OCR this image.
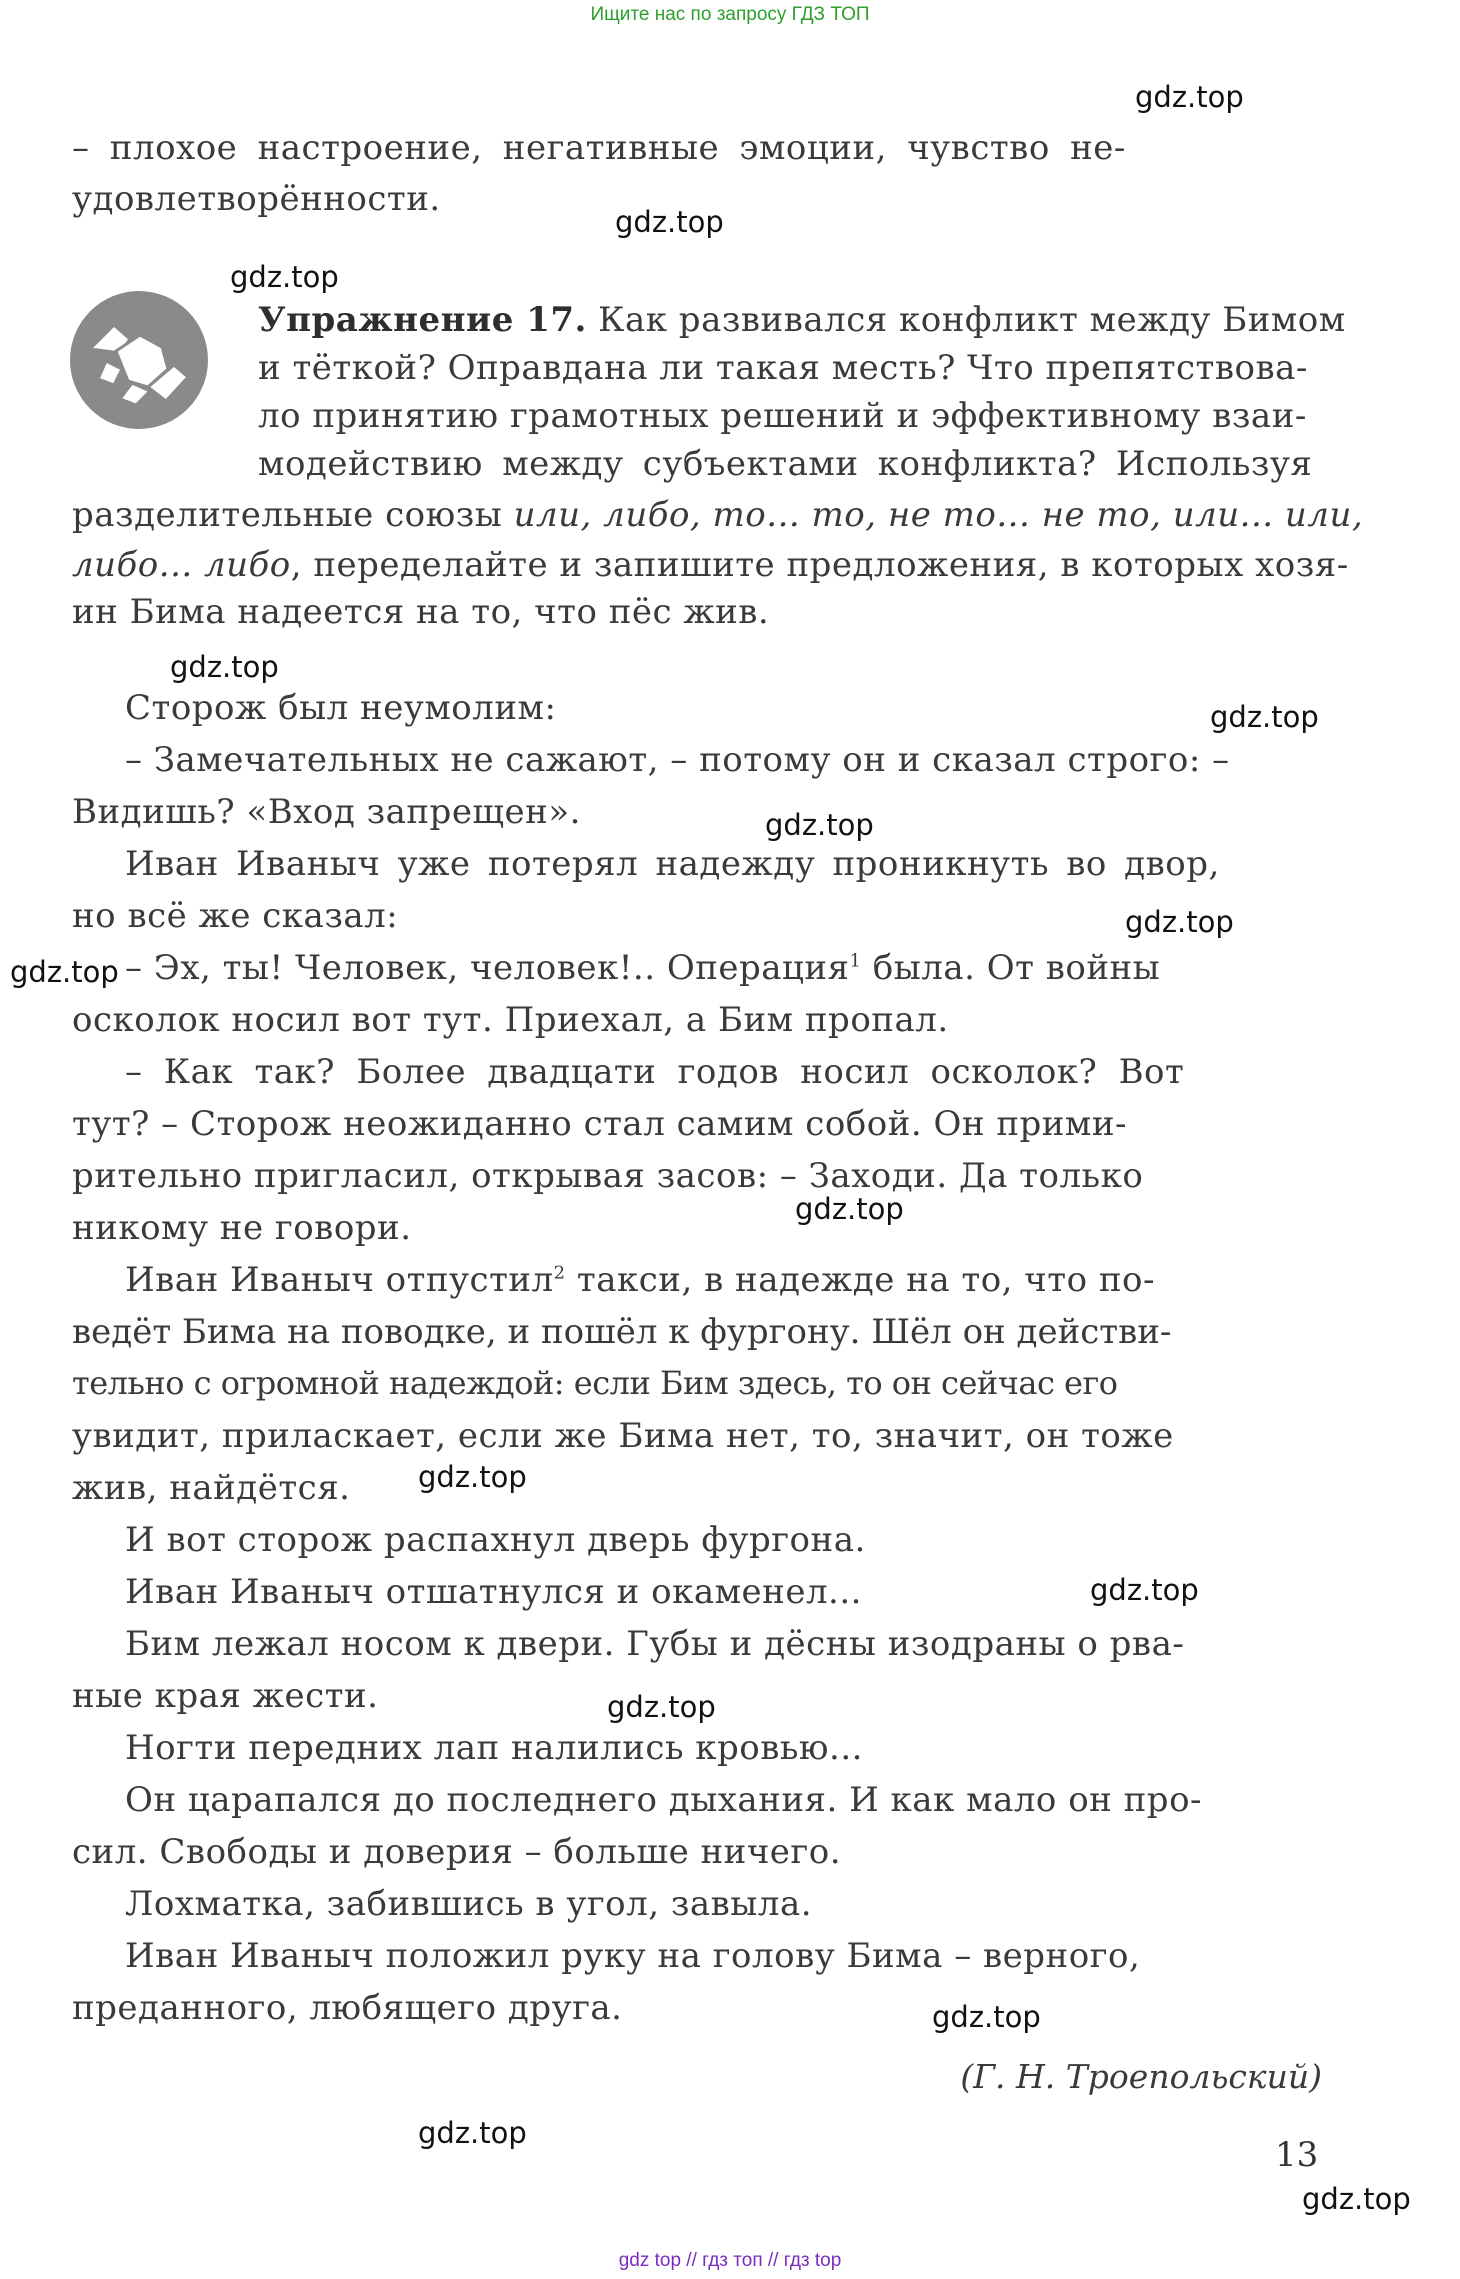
Ищите нас по запросу ГДЗ ТОП
– плохое настроение, негативные эмоции, чувство не-
удовлетворённости.
Упражнение 17. Как развивался конфликт между Бимом
и тёткой? Оправдана ли такая месть? Что препятствова-
ло принятию грамотных решений и эффективному взаи-
модействию между субъектами конфликта? Используя
разделительные союзы или, либо, то... то, не то... не то, или... или,
либо... либо, переделайте и запишите предложения, в которых хозя-
ин Бима надеется на то, что пёс жив.
Сторож был неумолим:
– Замечательных не сажают, – потому он и сказал строго: –
Видишь? «Вход запрещен».
Иван Иваныч уже потерял надежду проникнуть во двор,
но всё же сказал:
– Эх, ты! Человек, человек!.. Операция$^1$ была. От войны
осколок носил вот тут. Приехал, а Бим пропал.
– Как так? Более двадцати годов носил осколок? Вот
тут? – Сторож неожиданно стал самим собой. Он прими-
рительно пригласил, открывая засов: – Заходи. Да только
никому не говори.
Иван Иваныч отпустил$^2$ такси, в надежде на то, что по-
ведёт Бима на поводке, и пошёл к фургону. Шёл он действи-
тельно с огромной надеждой: если Бим здесь, то он сейчас его
увидит, приласкает, если же Бима нет, то, значит, он тоже
жив, найдётся.
И вот сторож распахнул дверь фургона.
Иван Иваныч отшатнулся и окаменел...
Бим лежал носом к двери. Губы и дёсны изодраны о рва-
ные края жести.
Ногти передних лап налились кровью...
Он царапался до последнего дыхания. И как мало он про-
сил. Свободы и доверия – больше ничего.
Лохматка, забившись в угол, завыла.
Иван Иваныч положил руку на голову Бима – верного,
преданного, любящего друга.
(Г. Н. Троепольский)
13
gdz.top
gdz.top
gdz.top
gdz.top
gdz.top
gdz.top
gdz.top
gdz.top
gdz.top
gdz.top
gdz.top
gdz.top
gdz.top
gdz.top
gdz.top
gdz top // гдз топ // гдз top
